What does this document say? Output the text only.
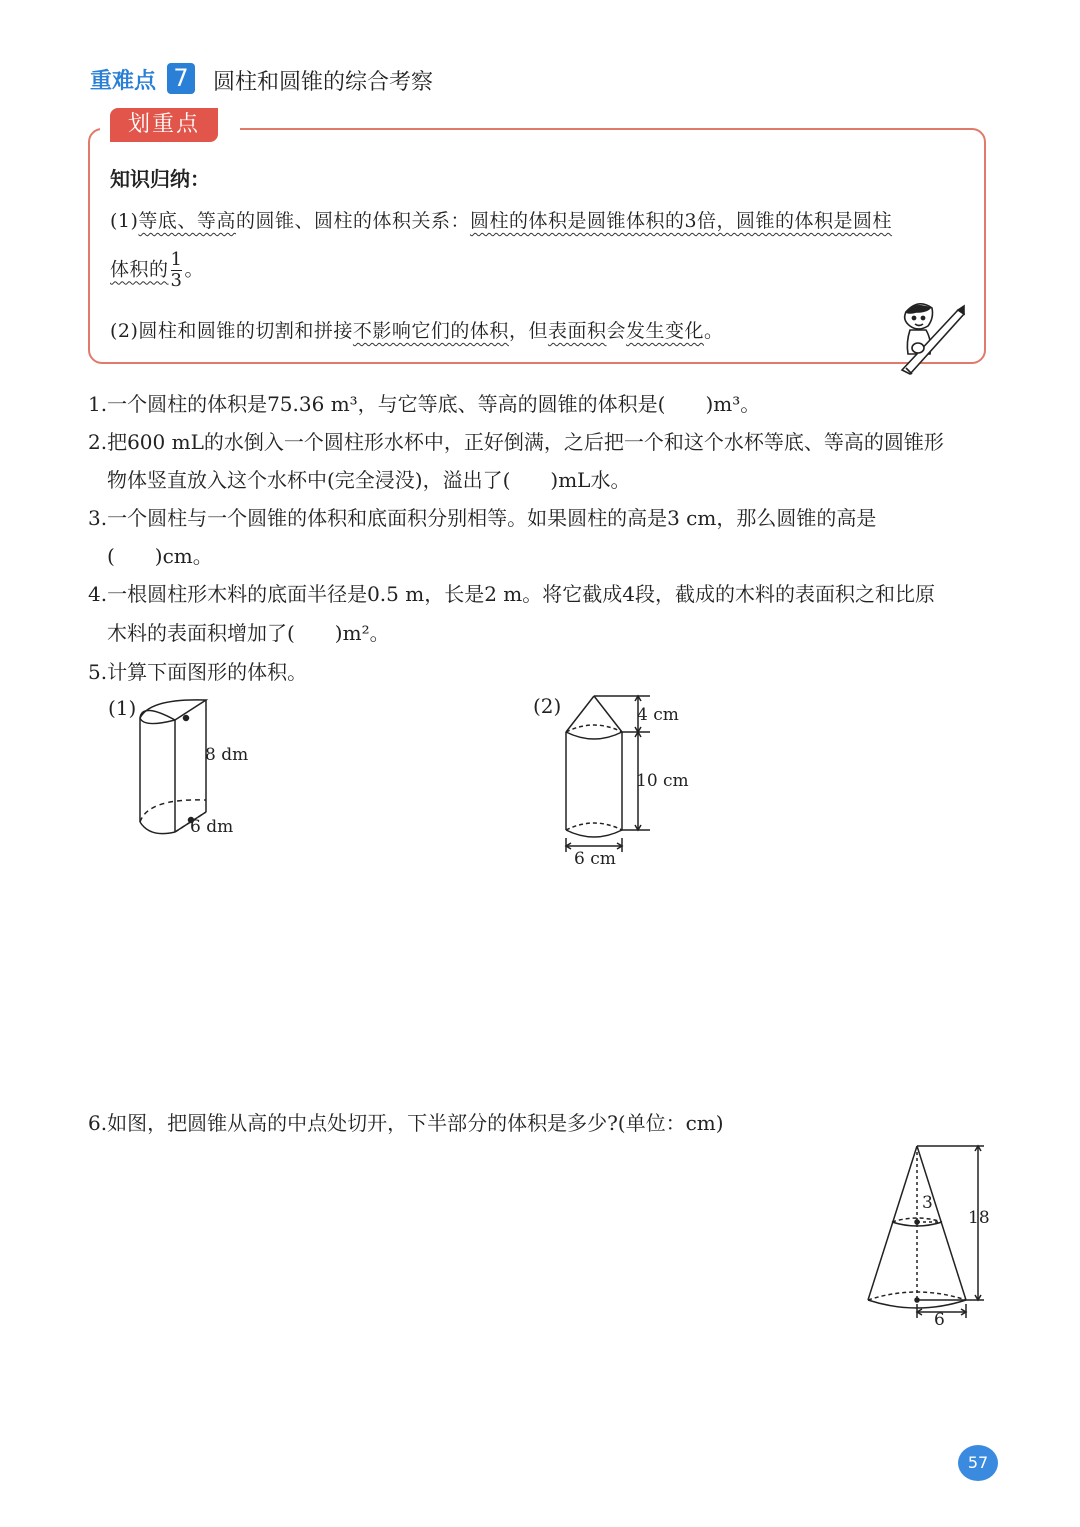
重难点 7 圆柱和圆锥的综合考察
划重点
知识归纳：
(1)等底、等高的圆锥、圆柱的体积关系：圆柱的体积是圆锥体积的3倍，圆锥的体积是圆柱
体积的 $\frac{1}{3}$ 。
(2)圆柱和圆锥的切割和拼接不影响它们的体积，但表面积会发生变化。
1.一个圆柱的体积是75.36 m³，与它等底、等高的圆锥的体积是(　　)m³。
2.把600 mL的水倒入一个圆柱形水杯中，正好倒满，之后把一个和这个水杯等底、等高的圆锥形
物体竖直放入这个水杯中(完全浸没)，溢出了(　　)mL水。
3.一个圆柱与一个圆锥的体积和底面积分别相等。如果圆柱的高是3 cm，那么圆锥的高是
(　　)cm。
4.一根圆柱形木料的底面半径是0.5 m，长是2 m。将它截成4段，截成的木料的表面积之和比原
木料的表面积增加了(　　)m²。
5.计算下面图形的体积。
(1)
8 dm
6 dm
(2)	4 cm
10 cm
6 cm
6.如图，把圆锥从高的中点处切开，下半部分的体积是多少?(单位：cm)
3
18
6
57
